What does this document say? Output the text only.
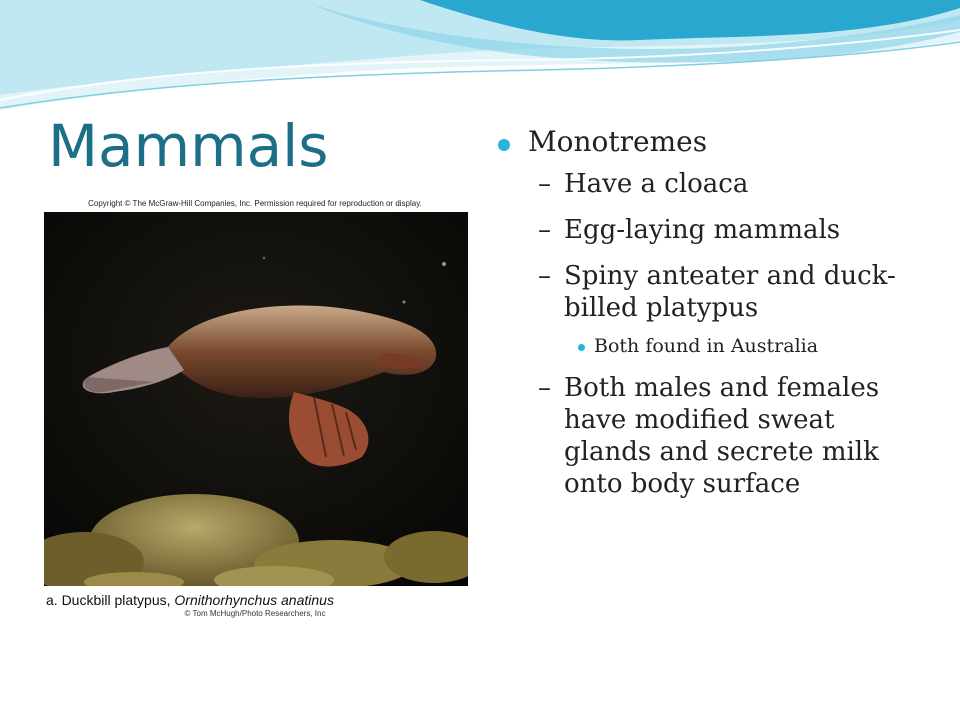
Mammals
Copyright © The McGraw-Hill Companies, Inc. Permission required for reproduction or display.
a. Duckbill platypus, Ornithorhynchus anatinus
© Tom McHugh/Photo Researchers, Inc
Monotremes
– Have a cloaca
– Egg-laying mammals
– Spiny anteater and duck-billed platypus
Both found in Australia
– Both males and females have modified sweat glands and secrete milk onto body surface
